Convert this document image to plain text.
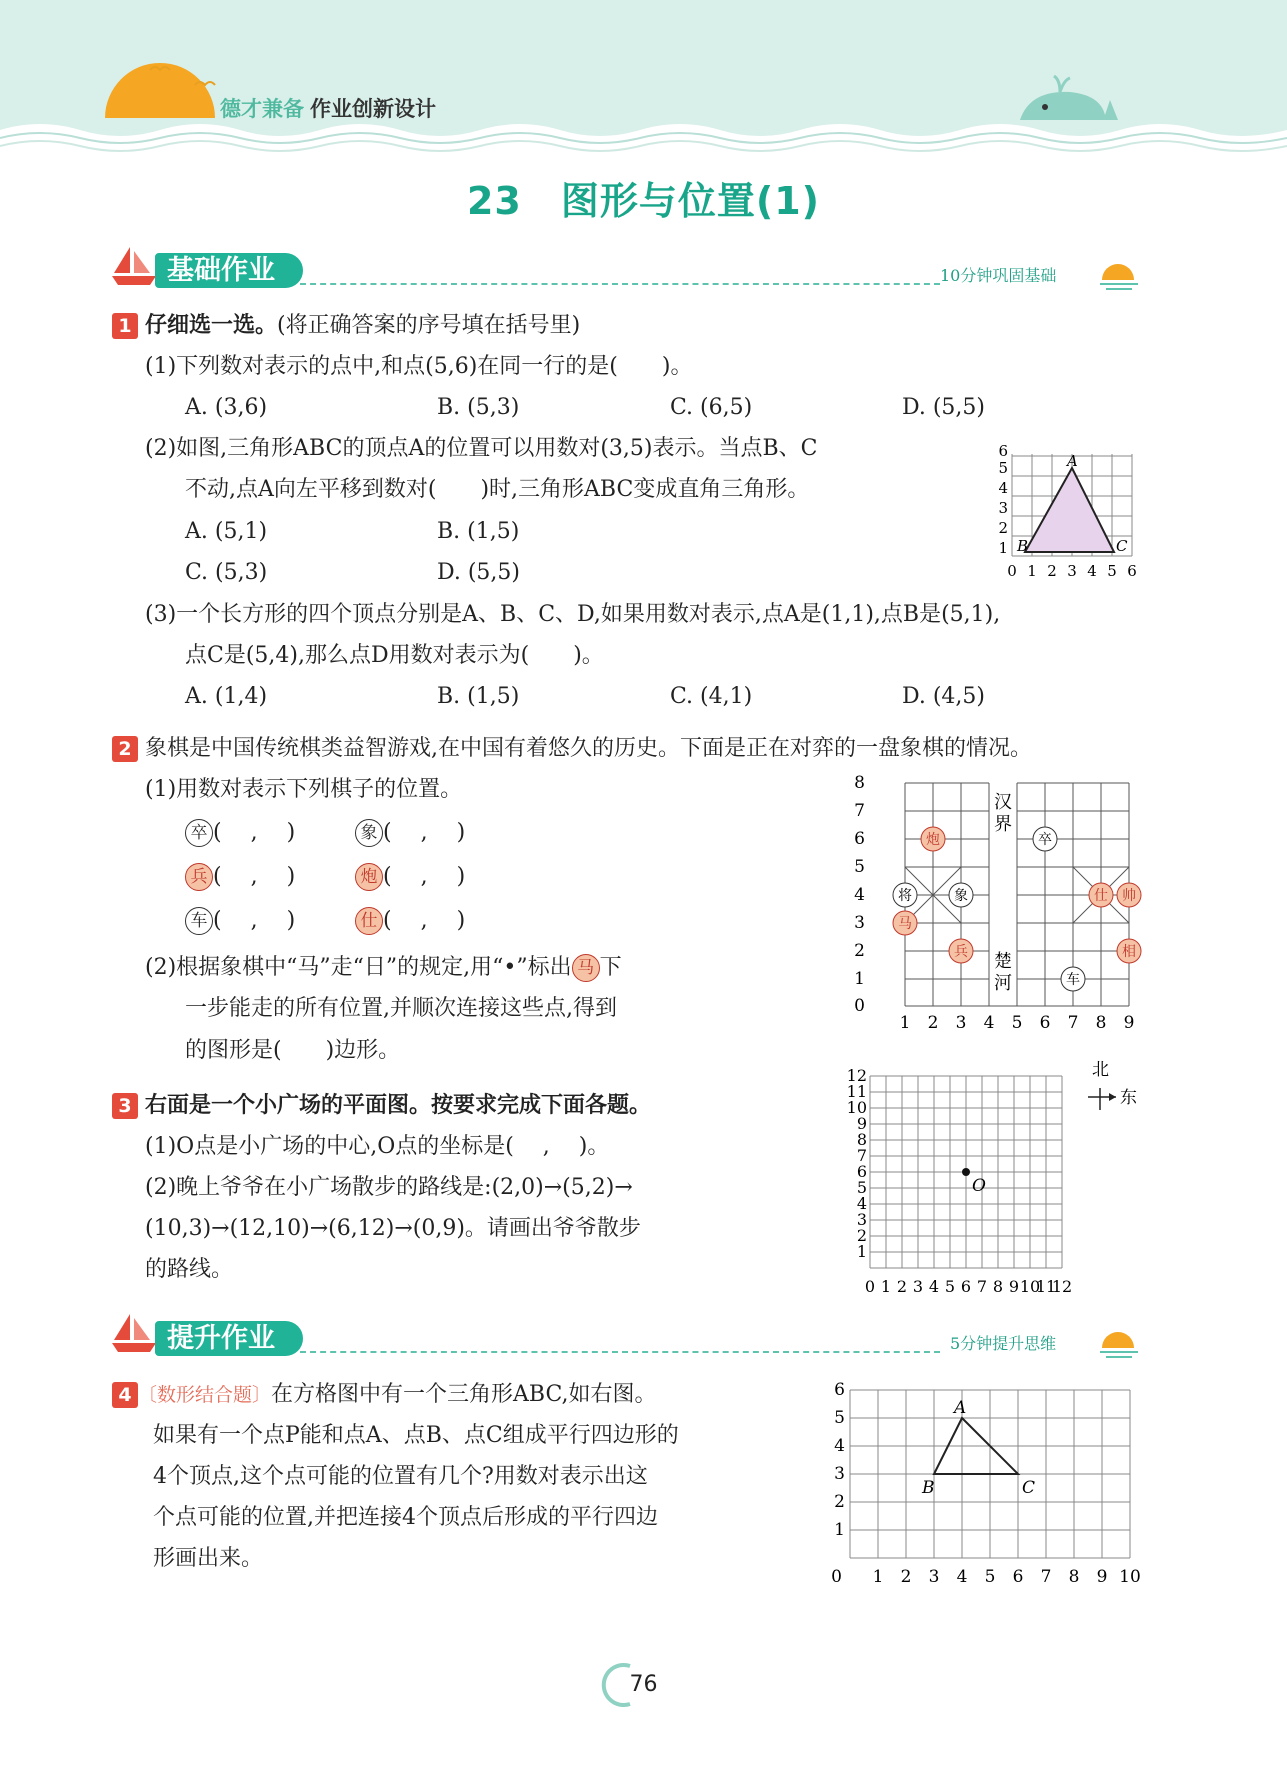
德才兼备 作业创新设计
23　图形与位置(1)
基础作业	10分钟巩固基础
1 仔细选一选。(将正确答案的序号填在括号里)
(1)下列数对表示的点中,和点(5,6)在同一行的是(　　)。
A. (3,6)	B. (5,3)	C. (6,5)	D. (5,5)
(2)如图,三角形ABC的顶点A的位置可以用数对(3,5)表示。当点B、C
不动,点A向左平移到数对(　　)时,三角形ABC变成直角三角形。
A. (5,1)	B. (1,5)
C. (5,3)	D. (5,5)
A
B	C
1
2
3
4
5
6
0 1 2 3 4 5 6
(3)一个长方形的四个顶点分别是A、B、C、D,如果用数对表示,点A是(1,1),点B是(5,1),
点C是(5,4),那么点D用数对表示为(　　)。
A. (1,4)	B. (1,5)	C. (4,1)	D. (4,5)
2 象棋是中国传统棋类益智游戏,在中国有着悠久的历史。下面是正在对弈的一盘象棋的情况。
(1)用数对表示下列棋子的位置。
卒 (　 ,　 )	象 (　 ,　 )
兵 (　 ,　 )	炮 (　 ,　 )
车 (　 ,　 )	仕 (　 ,　 )
(2)根据象棋中“马”走“日”的规定,用“•”标出 马 下
一步能走的所有位置,并顺次连接这些点,得到
的图形是(　　)边形。
汉
界
楚
河
炮	卒
将	象	仕 帅
马
兵	相
车
0
1
2
3
4
5
6
7
8
1 2 3 4 5 6 7 8 9
3 右面是一个小广场的平面图。按要求完成下面各题。
(1)O点是小广场的中心,O点的坐标是(　 ,　 )。
(2)晚上爷爷在小广场散步的路线是:(2,0)→(5,2)→
(10,3)→(12,10)→(6,12)→(0,9)。请画出爷爷散步
的路线。
O
0 1 2 3 4 5 6 7 8 9 10
11
12
1
2
3
4
5
6
7
8
9
10
11
12	北
东
提升作业	5分钟提升思维
4 〔数形结合题〕在方格图中有一个三角形ABC,如右图。
如果有一个点P能和点A、点B、点C组成平行四边形的
4个顶点,这个点可能的位置有几个?用数对表示出这
个点可能的位置,并把连接4个顶点后形成的平行四边
形画出来。
A
B	C
1 2 3 4 5 6 7 8 9 10
1
2
3
4
5
6
0
76
